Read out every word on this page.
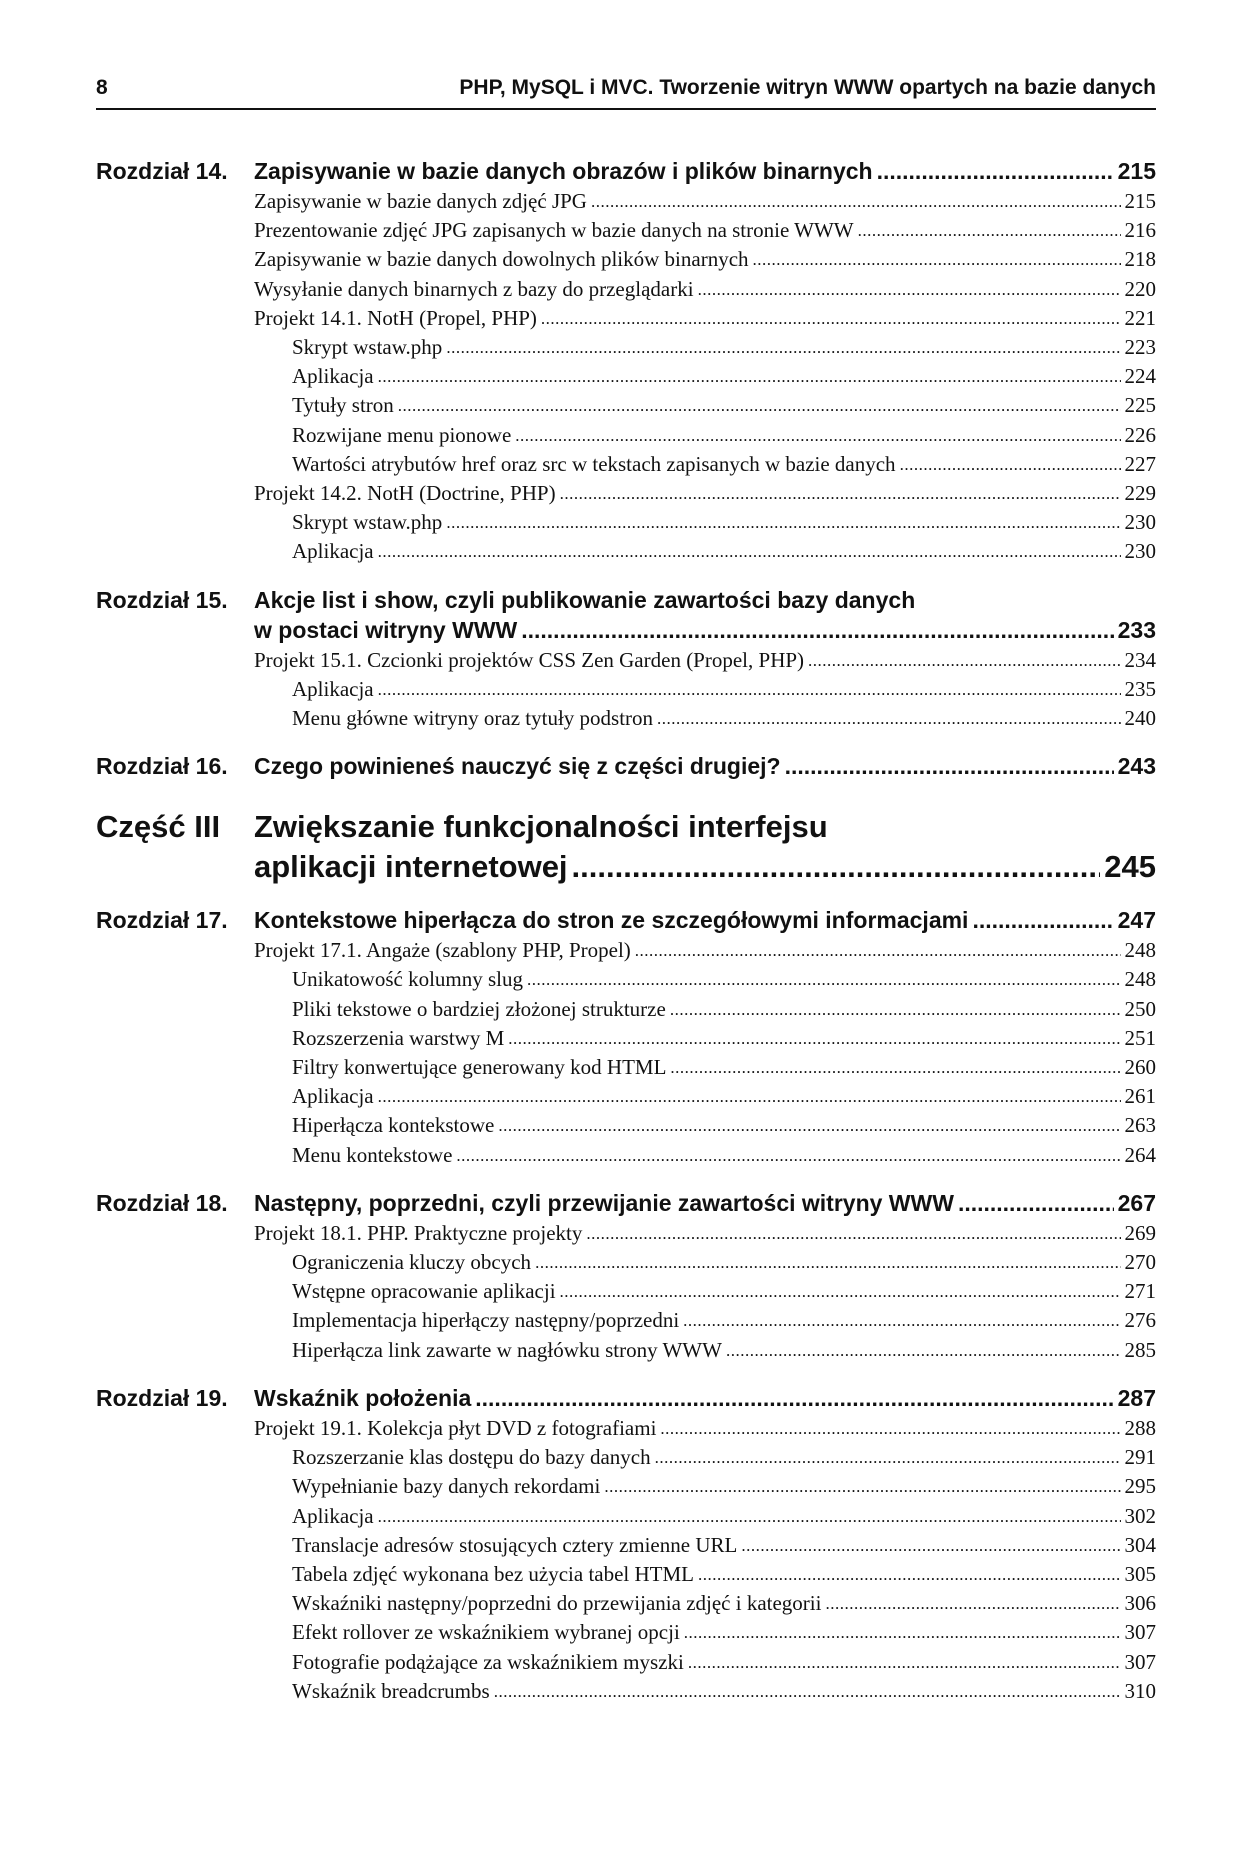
8	PHP, MySQL i MVC. Tworzenie witryn WWW opartych na bazie danych
Rozdział 14.	Zapisywanie w bazie danych obrazów i plików binarnych .....	215
Zapisywanie w bazie danych zdjęć JPG .....	215
Prezentowanie zdjęć JPG zapisanych w bazie danych na stronie WWW .....	216
Zapisywanie w bazie danych dowolnych plików binarnych .....	218
Wysyłanie danych binarnych z bazy do przeglądarki .....	220
Projekt 14.1. NotH (Propel, PHP) .....	221
Skrypt wstaw.php .....	223
Aplikacja .....	224
Tytuły stron .....	225
Rozwijane menu pionowe .....	226
Wartości atrybutów href oraz src w tekstach zapisanych w bazie danych .....	227
Projekt 14.2. NotH (Doctrine, PHP) .....	229
Skrypt wstaw.php .....	230
Aplikacja .....	230
Rozdział 15.	Akcje list i show, czyli publikowanie zawartości bazy danych
w postaci witryny WWW .....	233
Projekt 15.1. Czcionki projektów CSS Zen Garden (Propel, PHP) .....	234
Aplikacja .....	235
Menu główne witryny oraz tytuły podstron .....	240
Rozdział 16.	Czego powinieneś nauczyć się z części drugiej? .....	243
Część III	Zwiększanie funkcjonalności interfejsu
aplikacji internetowej .....	245
Rozdział 17.	Kontekstowe hiperłącza do stron ze szczegółowymi informacjami .....	247
Projekt 17.1. Angaże (szablony PHP, Propel) .....	248
Unikatowość kolumny slug .....	248
Pliki tekstowe o bardziej złożonej strukturze .....	250
Rozszerzenia warstwy M .....	251
Filtry konwertujące generowany kod HTML .....	260
Aplikacja .....	261
Hiperłącza kontekstowe .....	263
Menu kontekstowe .....	264
Rozdział 18.	Następny, poprzedni, czyli przewijanie zawartości witryny WWW .....	267
Projekt 18.1. PHP. Praktyczne projekty .....	269
Ograniczenia kluczy obcych .....	270
Wstępne opracowanie aplikacji .....	271
Implementacja hiperłączy następny/poprzedni .....	276
Hiperłącza link zawarte w nagłówku strony WWW .....	285
Rozdział 19.	Wskaźnik położenia .....	287
Projekt 19.1. Kolekcja płyt DVD z fotografiami .....	288
Rozszerzanie klas dostępu do bazy danych .....	291
Wypełnianie bazy danych rekordami .....	295
Aplikacja .....	302
Translacje adresów stosujących cztery zmienne URL .....	304
Tabela zdjęć wykonana bez użycia tabel HTML .....	305
Wskaźniki następny/poprzedni do przewijania zdjęć i kategorii .....	306
Efekt rollover ze wskaźnikiem wybranej opcji .....	307
Fotografie podążające za wskaźnikiem myszki .....	307
Wskaźnik breadcrumbs .....	310
